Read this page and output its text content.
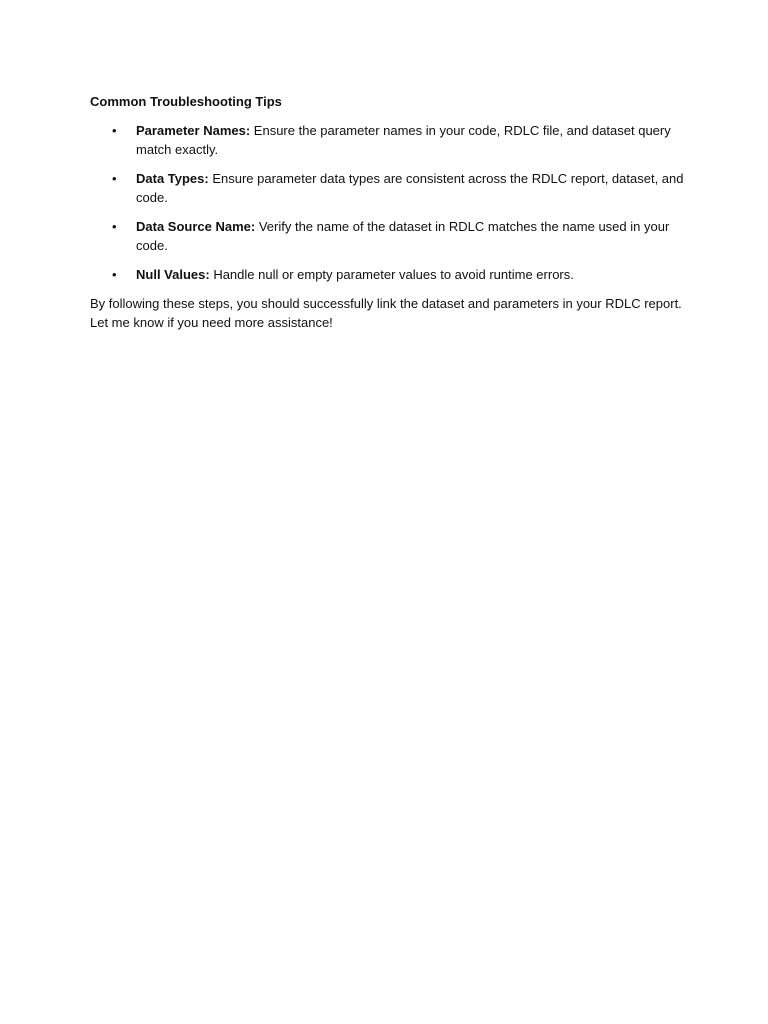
Common Troubleshooting Tips
• Parameter Names: Ensure the parameter names in your code, RDLC file, and dataset query match exactly.
• Data Types: Ensure parameter data types are consistent across the RDLC report, dataset, and code.
• Data Source Name: Verify the name of the dataset in RDLC matches the name used in your code.
• Null Values: Handle null or empty parameter values to avoid runtime errors.

By following these steps, you should successfully link the dataset and parameters in your RDLC report. Let me know if you need more assistance!
